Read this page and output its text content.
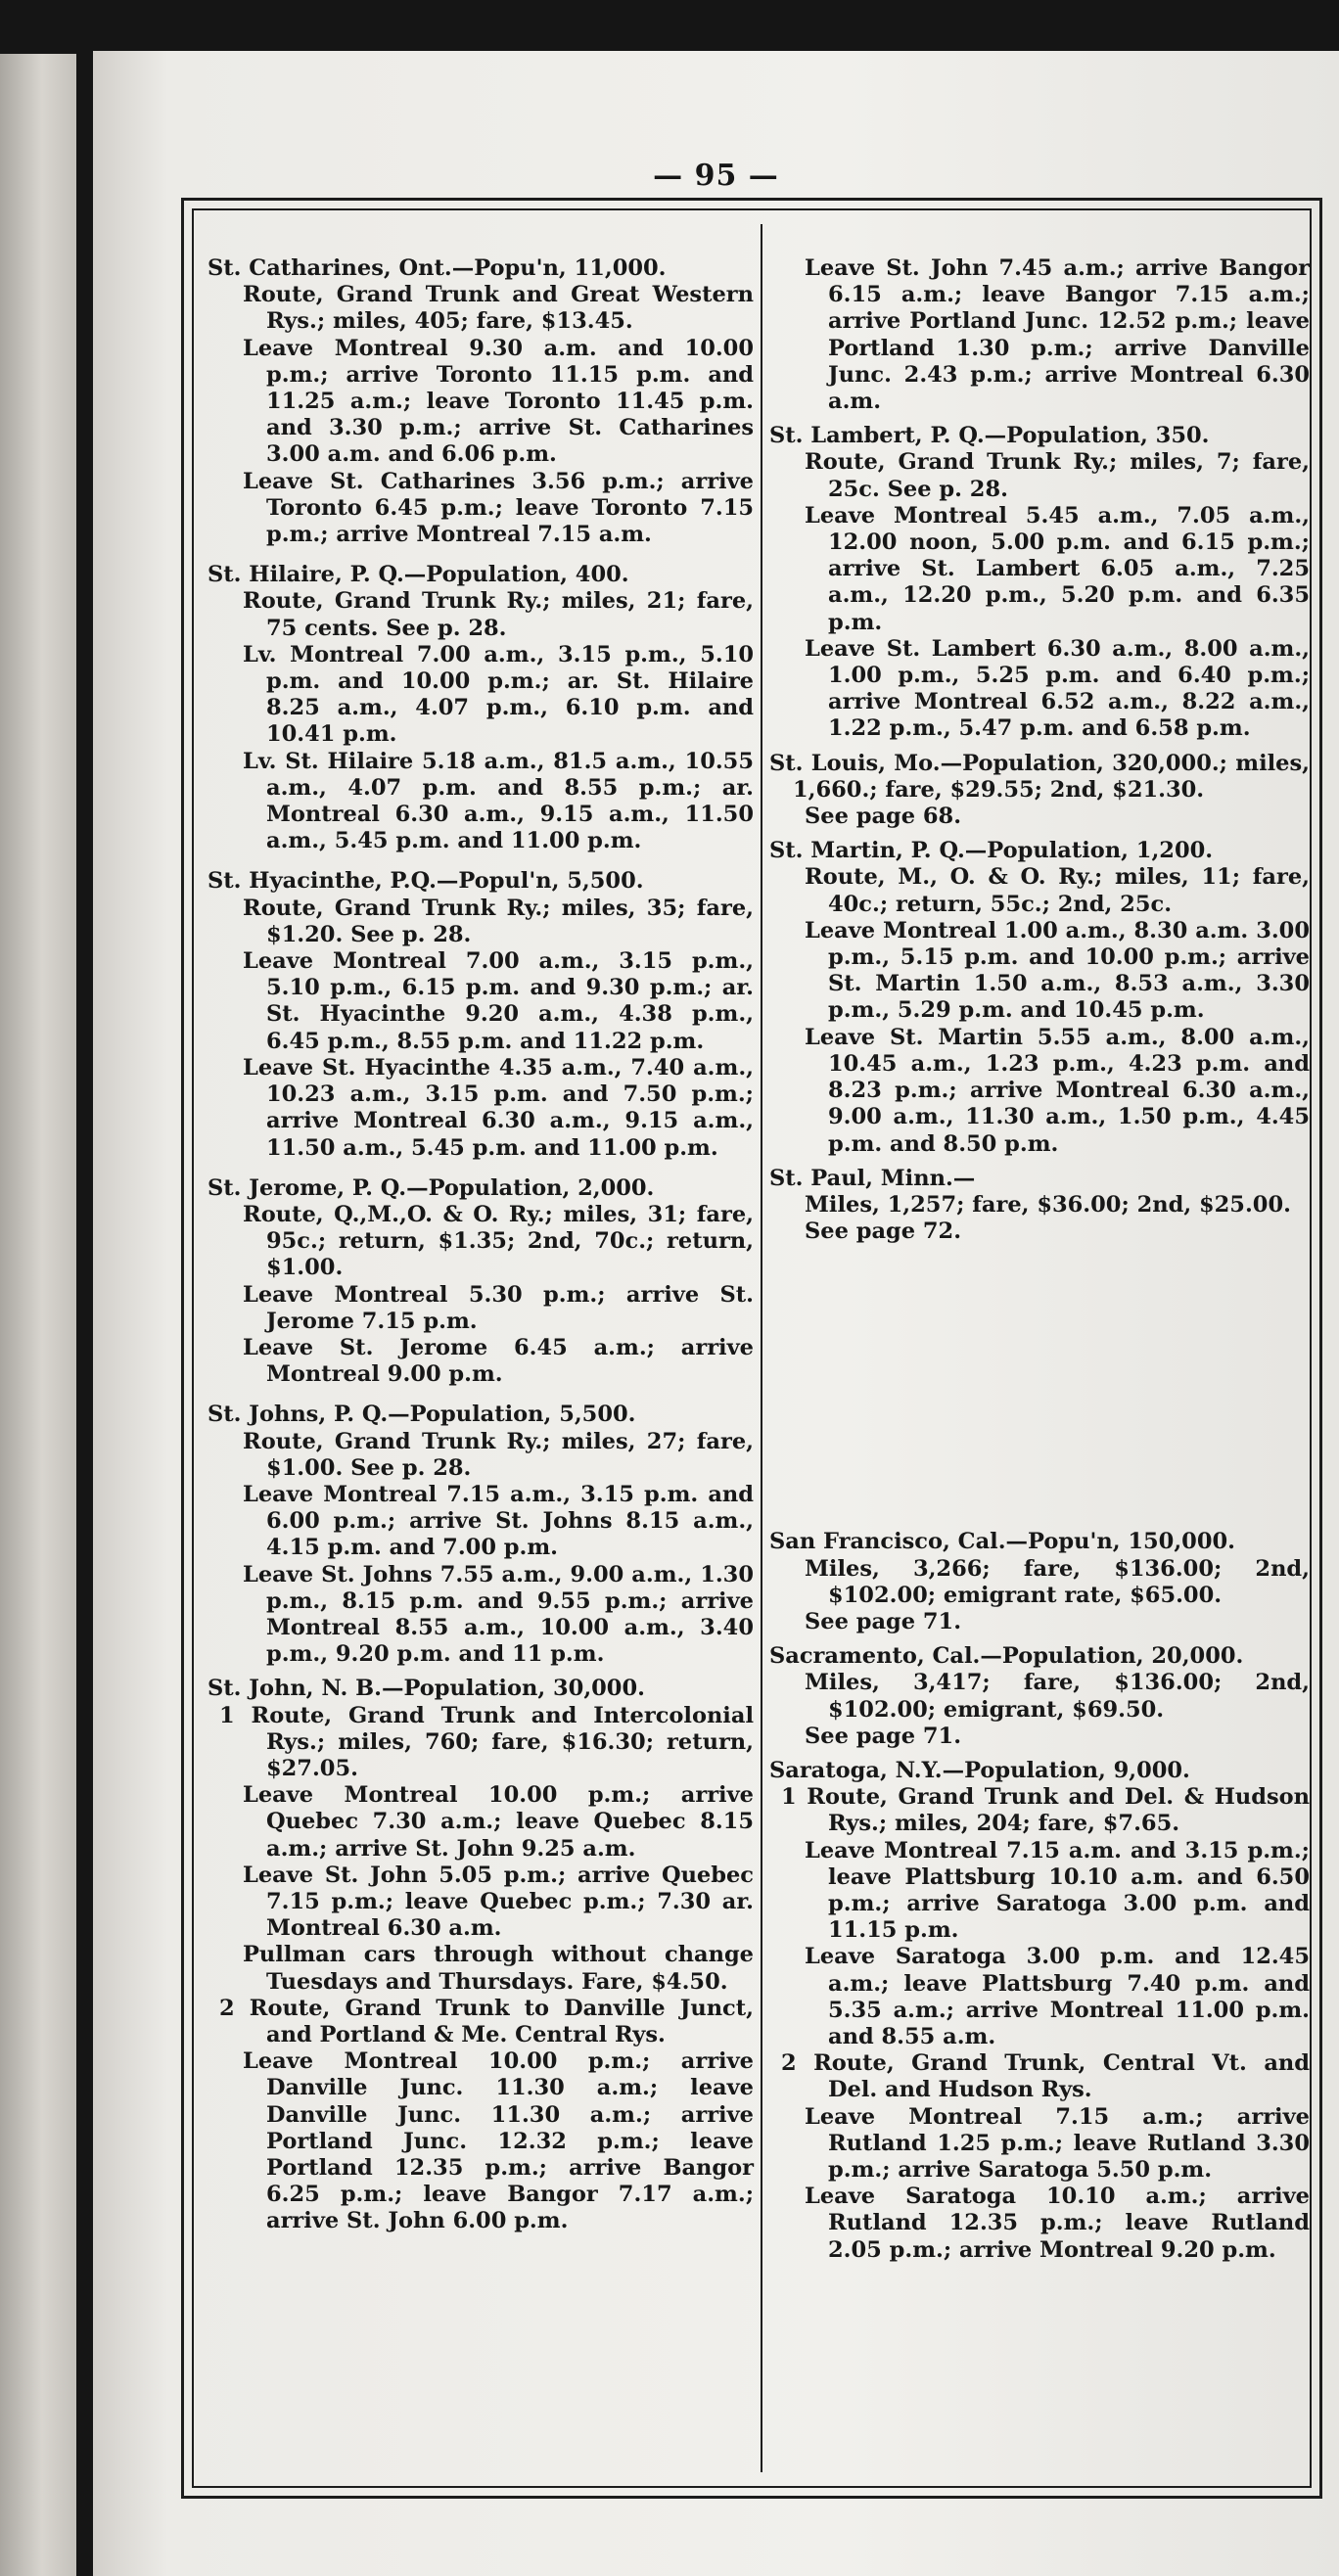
— 95 —

St. Catharines, Ont.—Popu'n, 11,000.

Route, Grand Trunk and Great Western Rys.; miles, 405; fare, $13.45.

Leave Montreal 9.30 a.m. and 10.00 p.m.; arrive Toronto 11.15 p.m. and 11.25 a.m.; leave Toronto 11.45 p.m. and 3.30 p.m.; arrive St. Catharines 3.00 a.m. and 6.06 p.m.

Leave St. Catharines 3.56 p.m.; arrive Toronto 6.45 p.m.; leave Toronto 7.15 p.m.; arrive Montreal 7.15 a.m.

St. Hilaire, P. Q.—Population, 400.

Route, Grand Trunk Ry.; miles, 21; fare, 75 cents. See p. 28.

Lv. Montreal 7.00 a.m., 3.15 p.m., 5.10 p.m. and 10.00 p.m.; ar. St. Hilaire 8.25 a.m., 4.07 p.m., 6.10 p.m. and 10.41 p.m.

Lv. St. Hilaire 5.18 a.m., 81.5 a.m., 10.55 a.m., 4.07 p.m. and 8.55 p.m.; ar. Montreal 6.30 a.m., 9.15 a.m., 11.50 a.m., 5.45 p.m. and 11.00 p.m.

St. Hyacinthe, P.Q.—Popul'n, 5,500.

Route, Grand Trunk Ry.; miles, 35; fare, $1.20. See p. 28.

Leave Montreal 7.00 a.m., 3.15 p.m., 5.10 p.m., 6.15 p.m. and 9.30 p.m.; ar. St. Hyacinthe 9.20 a.m., 4.38 p.m., 6.45 p.m., 8.55 p.m. and 11.22 p.m.

Leave St. Hyacinthe 4.35 a.m., 7.40 a.m., 10.23 a.m., 3.15 p.m. and 7.50 p.m.; arrive Montreal 6.30 a.m., 9.15 a.m., 11.50 a.m., 5.45 p.m. and 11.00 p.m.

St. Jerome, P. Q.—Population, 2,000.

Route, Q.,M.,O. & O. Ry.; miles, 31; fare, 95c.; return, $1.35; 2nd, 70c.; return, $1.00.

Leave Montreal 5.30 p.m.; arrive St. Jerome 7.15 p.m.

Leave St. Jerome 6.45 a.m.; arrive Montreal 9.00 p.m.

St. Johns, P. Q.—Population, 5,500.

Route, Grand Trunk Ry.; miles, 27; fare, $1.00. See p. 28.

Leave Montreal 7.15 a.m., 3.15 p.m. and 6.00 p.m.; arrive St. Johns 8.15 a.m., 4.15 p.m. and 7.00 p.m.

Leave St. Johns 7.55 a.m., 9.00 a.m., 1.30 p.m., 8.15 p.m. and 9.55 p.m.; arrive Montreal 8.55 a.m., 10.00 a.m., 3.40 p.m., 9.20 p.m. and 11 p.m.

St. John, N. B.—Population, 30,000.

1 Route, Grand Trunk and Intercolonial Rys.; miles, 760; fare, $16.30; return, $27.05.

Leave Montreal 10.00 p.m.; arrive Quebec 7.30 a.m.; leave Quebec 8.15 a.m.; arrive St. John 9.25 a.m.

Leave St. John 5.05 p.m.; arrive Quebec 7.15 p.m.; leave Quebec p.m.; 7.30 ar. Montreal 6.30 a.m.

Pullman cars through without change Tuesdays and Thursdays. Fare, $4.50.

2 Route, Grand Trunk to Danville Junct, and Portland & Me. Central Rys.

Leave Montreal 10.00 p.m.; arrive Danville Junc. 11.30 a.m.; leave Danville Junc. 11.30 a.m.; arrive Portland Junc. 12.32 p.m.; leave Portland 12.35 p.m.; arrive Bangor 6.25 p.m.; leave Bangor 7.17 a.m.; arrive St. John 6.00 p.m.

Leave St. John 7.45 a.m.; arrive Bangor 6.15 a.m.; leave Bangor 7.15 a.m.; arrive Portland Junc. 12.52 p.m.; leave Portland 1.30 p.m.; arrive Danville Junc. 2.43 p.m.; arrive Montreal 6.30 a.m.

St. Lambert, P. Q.—Population, 350.

Route, Grand Trunk Ry.; miles, 7; fare, 25c. See p. 28.

Leave Montreal 5.45 a.m., 7.05 a.m., 12.00 noon, 5.00 p.m. and 6.15 p.m.; arrive St. Lambert 6.05 a.m., 7.25 a.m., 12.20 p.m., 5.20 p.m. and 6.35 p.m.

Leave St. Lambert 6.30 a.m., 8.00 a.m., 1.00 p.m., 5.25 p.m. and 6.40 p.m.; arrive Montreal 6.52 a.m., 8.22 a.m., 1.22 p.m., 5.47 p.m. and 6.58 p.m.

St. Louis, Mo.—Population, 320,000.; miles, 1,660.; fare, $29.55; 2nd, $21.30.

See page 68.

St. Martin, P. Q.—Population, 1,200.

Route, M., O. & O. Ry.; miles, 11; fare, 40c.; return, 55c.; 2nd, 25c.

Leave Montreal 1.00 a.m., 8.30 a.m. 3.00 p.m., 5.15 p.m. and 10.00 p.m.; arrive St. Martin 1.50 a.m., 8.53 a.m., 3.30 p.m., 5.29 p.m. and 10.45 p.m.

Leave St. Martin 5.55 a.m., 8.00 a.m., 10.45 a.m., 1.23 p.m., 4.23 p.m. and 8.23 p.m.; arrive Montreal 6.30 a.m., 9.00 a.m., 11.30 a.m., 1.50 p.m., 4.45 p.m. and 8.50 p.m.

St. Paul, Minn.—

Miles, 1,257; fare, $36.00; 2nd, $25.00.

See page 72.

San Francisco, Cal.—Popu'n, 150,000.

Miles, 3,266; fare, $136.00; 2nd, $102.00; emigrant rate, $65.00.

See page 71.

Sacramento, Cal.—Population, 20,000.

Miles, 3,417; fare, $136.00; 2nd, $102.00; emigrant, $69.50.

See page 71.

Saratoga, N.Y.—Population, 9,000.

1 Route, Grand Trunk and Del. & Hudson Rys.; miles, 204; fare, $7.65.

Leave Montreal 7.15 a.m. and 3.15 p.m.; leave Plattsburg 10.10 a.m. and 6.50 p.m.; arrive Saratoga 3.00 p.m. and 11.15 p.m.

Leave Saratoga 3.00 p.m. and 12.45 a.m.; leave Plattsburg 7.40 p.m. and 5.35 a.m.; arrive Montreal 11.00 p.m. and 8.55 a.m.

2 Route, Grand Trunk, Central Vt. and Del. and Hudson Rys.

Leave Montreal 7.15 a.m.; arrive Rutland 1.25 p.m.; leave Rutland 3.30 p.m.; arrive Saratoga 5.50 p.m.

Leave Saratoga 10.10 a.m.; arrive Rutland 12.35 p.m.; leave Rutland 2.05 p.m.; arrive Montreal 9.20 p.m.
